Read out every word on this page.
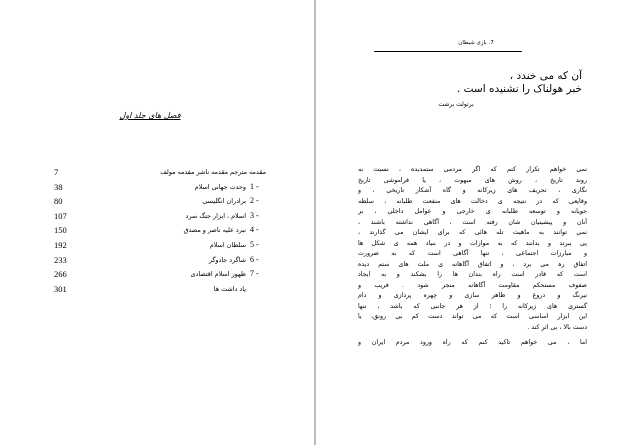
فصل های جلد اول
7	مقدمه مترجم مقدمه ناشر مقدمه مولف
38	وحدت جهانی اسلام 1 -
80	برادران انگلیسی 2 -
107	اسلام ، ابزار جنگ سرد 3 -
150	نبرد علیه ناصر و مصدق 4 -
192	سلطان اسلام 5 -
233	شاگرد جادوگر 6 -
266	ظهور اسلام اقتصادی 7 -
301	یاد داشت ها
7. بازی شیطان
آن که می خندد ،
خبر هولناک را نشنیده است .
برتولت برشت
نمی خواهم تکرار کنم که اگر مردمی ستمدیده ، نسبت به
روند تاریخ ، روش های مبهوت ، یا فراموشی تاریخ
نگاری ، تحریف های زیرکانه و گاه آشکار تاریخی ، و
وقایعی که در نتیجه ی دخالت های منفعت طلبانه ، سلطه
جویانه و توسعه طلبانه ی خارجی و عوامل داخلی ، بر
آنان و پیشینیان شان رفته است ، آگاهی نداشته باشند ،
نمی توانند به ماهیت تله هائی که برای ایشان می گذارند ،
پی ببرند و بدانند که به موازات و در بنیاد همه ی شکل ها
و مبارزات اجتماعی ، تنها آگاهی است که به ضرورت
اتفاق رہ می برد ، و اتفاق آگاهانه ی ملت های ستم دیده
است که قادر است راه بندان ها را بشکند و به ایجاد
صفوف مستحکم مقاومت آگاهانه منجر شود . فریب و
نیرنگ و دروغ و ظاهر سازی و چهره پردازی و دام
گستری های زیرکانه را ؛ از هر جانبی که باشد ، تنها
این ابزار اساسی است که می تواند دست کم بی رونق، یا
دست بالا ، بی اثر کند .
اما ، می خواهم تاکید کنم که راه ورود مردم ایران و
